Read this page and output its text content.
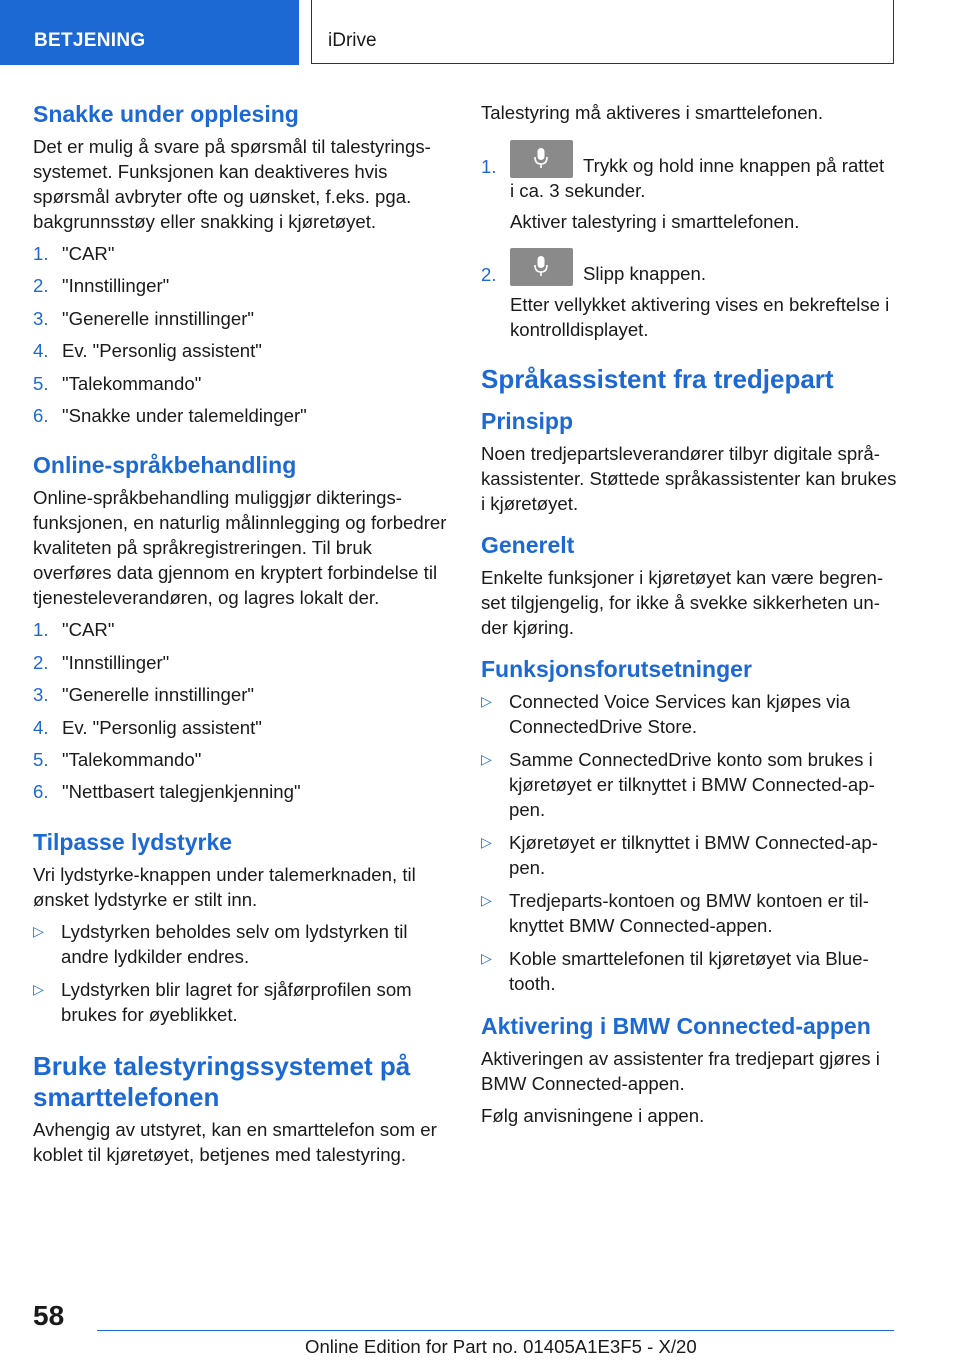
BETJENING	iDrive
Snakke under opplesing
Det er mulig å svare på spørsmål til talestyringssystemet. Funksjonen kan deaktiveres hvis spørsmål avbryter ofte og uønsket, f.eks. pga. bakgrunnsstøy eller snakking i kjøretøyet.
1. "CAR"
2. "Innstillinger"
3. "Generelle innstillinger"
4. Ev. "Personlig assistent"
5. "Talekommando"
6. "Snakke under talemeldinger"
Online-språkbehandling
Online-språkbehandling muliggjør dikteringsfunksjonen, en naturlig målinnlegging og forbedrer kvaliteten på språkregistreringen. Til bruk overføres data gjennom en kryptert forbindelse til tjenesteleverandøren, og lagres lokalt der.
1. "CAR"
2. "Innstillinger"
3. "Generelle innstillinger"
4. Ev. "Personlig assistent"
5. "Talekommando"
6. "Nettbasert talegjenkjenning"
Tilpasse lydstyrke
Vri lydstyrke-knappen under talemerknaden, til ønsket lydstyrke er stilt inn.
▷ Lydstyrken beholdes selv om lydstyrken til andre lydkilder endres.
▷ Lydstyrken blir lagret for sjåførprofilen som brukes for øyeblikket.
Bruke talestyringssystemet på smarttelefonen
Avhengig av utstyret, kan en smarttelefon som er koblet til kjøretøyet, betjenes med talestyring.
Talestyring må aktiveres i smarttelefonen.
1.	Trykk og hold inne knappen på rattet
i ca. 3 sekunder.
Aktiver talestyring i smarttelefonen.
2.	Slipp knappen.
Etter vellykket aktivering vises en bekreftelse i kontrolldisplayet.
Språkassistent fra tredjepart
Prinsipp
Noen tredjepartsleverandører tilbyr digitale språkassistenter. Støttede språkassistenter kan brukes i kjøretøyet.
Generelt
Enkelte funksjoner i kjøretøyet kan være begrenset tilgjengelig, for ikke å svekke sikkerheten under kjøring.
Funksjonsforutsetninger
▷ Connected Voice Services kan kjøpes via ConnectedDrive Store.
▷ Samme ConnectedDrive konto som brukes i kjøretøyet er tilknyttet i BMW Connected-appen.
▷ Kjøretøyet er tilknyttet i BMW Connected-appen.
▷ Tredjeparts-kontoen og BMW kontoen er tilknyttet BMW Connected-appen.
▷ Koble smarttelefonen til kjøretøyet via Bluetooth.
Aktivering i BMW Connected-appen
Aktiveringen av assistenter fra tredjepart gjøres i BMW Connected-appen.
Følg anvisningene i appen.
58
Online Edition for Part no. 01405A1E3F5 - X/20
